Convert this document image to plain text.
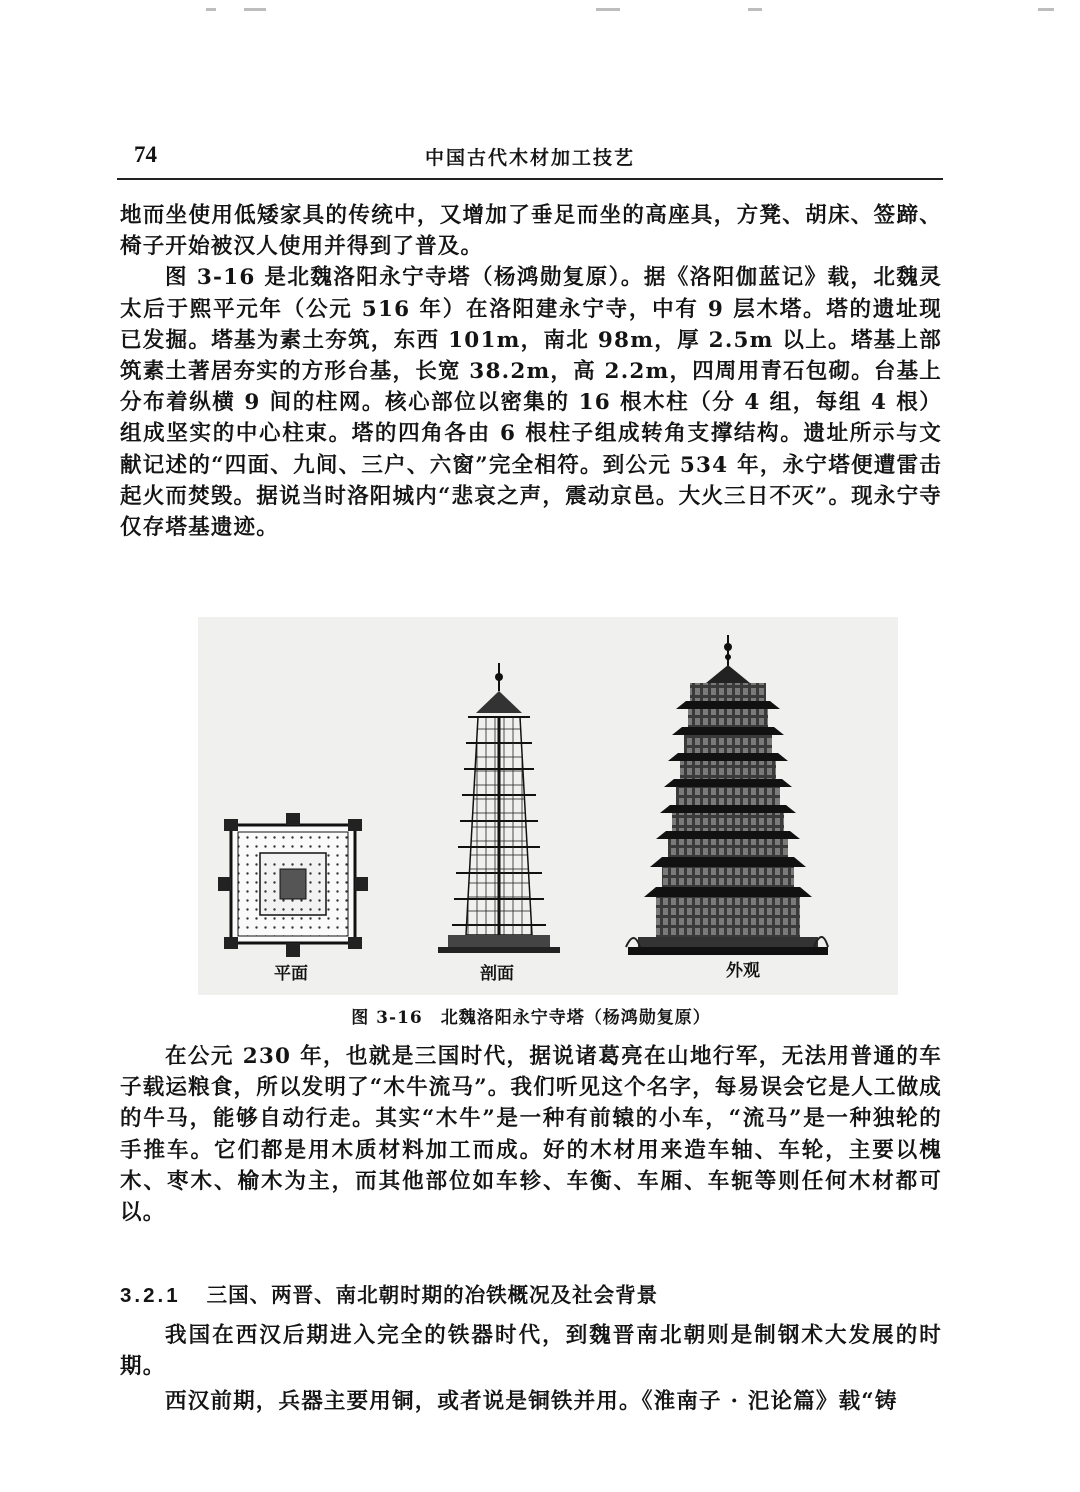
74	中国古代木材加工技艺

地而坐使用低矮家具的传统中，又增加了垂足而坐的高座具，方凳、胡床、签蹄、椅子开始被汉人使用并得到了普及。

图 3-16 是北魏洛阳永宁寺塔（杨鸿勋复原）。据《洛阳伽蓝记》载，北魏灵太后于熙平元年（公元 516 年）在洛阳建永宁寺，中有 9 层木塔。塔的遗址现已发掘。塔基为素土夯筑，东西 101m，南北 98m，厚 2.5m 以上。塔基上部筑素土著居夯实的方形台基，长宽 38.2m，高 2.2m，四周用青石包砌。台基上分布着纵横 9 间的柱网。核心部位以密集的 16 根木柱（分 4 组，每组 4 根）组成坚实的中心柱束。塔的四角各由 6 根柱子组成转角支撑结构。遗址所示与文献记述的“四面、九间、三户、六窗”完全相符。到公元 534 年，永宁塔便遭雷击起火而焚毁。据说当时洛阳城内“悲哀之声，震动京邑。大火三日不灭”。现永宁寺仅存塔基遗迹。

平面	剖面	外观
图 3-16　北魏洛阳永宁寺塔（杨鸿勋复原）

在公元 230 年，也就是三国时代，据说诸葛亮在山地行军，无法用普通的车子载运粮食，所以发明了“木牛流马”。我们听见这个名字，每易误会它是人工做成的牛马，能够自动行走。其实“木牛”是一种有前辕的小车，“流马”是一种独轮的手推车。它们都是用木质材料加工而成。好的木材用来造车轴、车轮，主要以槐木、枣木、榆木为主，而其他部位如车轸、车衡、车厢、车轭等则任何木材都可以。

3.2.1 三国、两晋、南北朝时期的冶铁概况及社会背景

我国在西汉后期进入完全的铁器时代，到魏晋南北朝则是制钢术大发展的时期。

西汉前期，兵器主要用铜，或者说是铜铁并用。《淮南子 · 汜论篇》载“铸
